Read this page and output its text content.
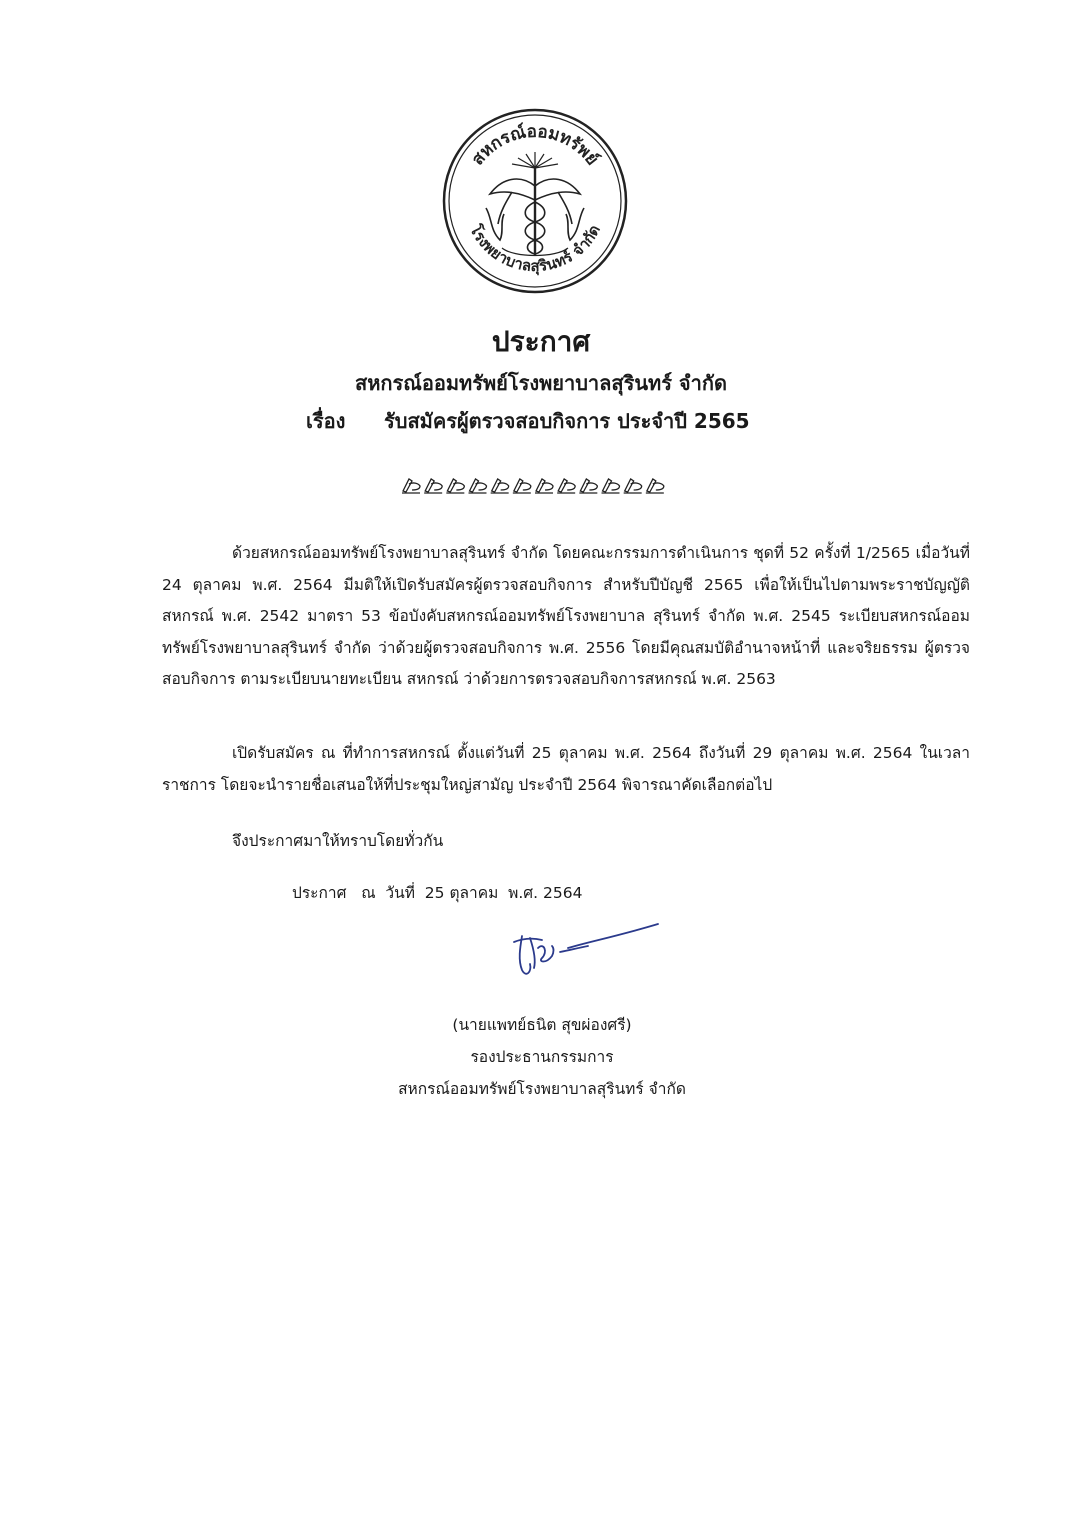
สหกรณ์ออมทรัพย์
โรงพยาบาลสุรินทร์ จำกัด
ประกาศ
สหกรณ์ออมทรัพย์โรงพยาบาลสุรินทร์ จำกัด
เรื่อง รับสมัครผู้ตรวจสอบกิจการ ประจำปี 2565

ด้วยสหกรณ์ออมทรัพย์โรงพยาบาลสุรินทร์ จำกัด โดยคณะกรรมการดำเนินการ ชุดที่ 52 ครั้งที่ 1/2565 เมื่อวันที่ 24 ตุลาคม พ.ศ. 2564 มีมติให้เปิดรับสมัครผู้ตรวจสอบกิจการ สำหรับปีบัญชี 2565 เพื่อให้เป็นไปตามพระราชบัญญัติสหกรณ์ พ.ศ. 2542 มาตรา 53 ข้อบังคับสหกรณ์ออมทรัพย์โรงพยาบาล สุรินทร์ จำกัด พ.ศ. 2545 ระเบียบสหกรณ์ออมทรัพย์โรงพยาบาลสุรินทร์ จำกัด ว่าด้วยผู้ตรวจสอบกิจการ พ.ศ. 2556 โดยมีคุณสมบัติอำนาจหน้าที่ และจริยธรรม ผู้ตรวจสอบกิจการ ตามระเบียบนายทะเบียน สหกรณ์ ว่าด้วยการตรวจสอบกิจการสหกรณ์ พ.ศ. 2563

เปิดรับสมัคร ณ ที่ทำการสหกรณ์ ตั้งแต่วันที่ 25 ตุลาคม พ.ศ. 2564 ถึงวันที่ 29 ตุลาคม พ.ศ. 2564 ในเวลาราชการ โดยจะนำรายชื่อเสนอให้ที่ประชุมใหญ่สามัญ ประจำปี 2564 พิจารณาคัดเลือกต่อไป

จึงประกาศมาให้ทราบโดยทั่วกัน
ประกาศ   ณ  วันที่  25 ตุลาคม  พ.ศ. 2564
(นายแพทย์ธนิต สุขผ่องศรี)
รองประธานกรรมการ
สหกรณ์ออมทรัพย์โรงพยาบาลสุรินทร์ จำกัด
